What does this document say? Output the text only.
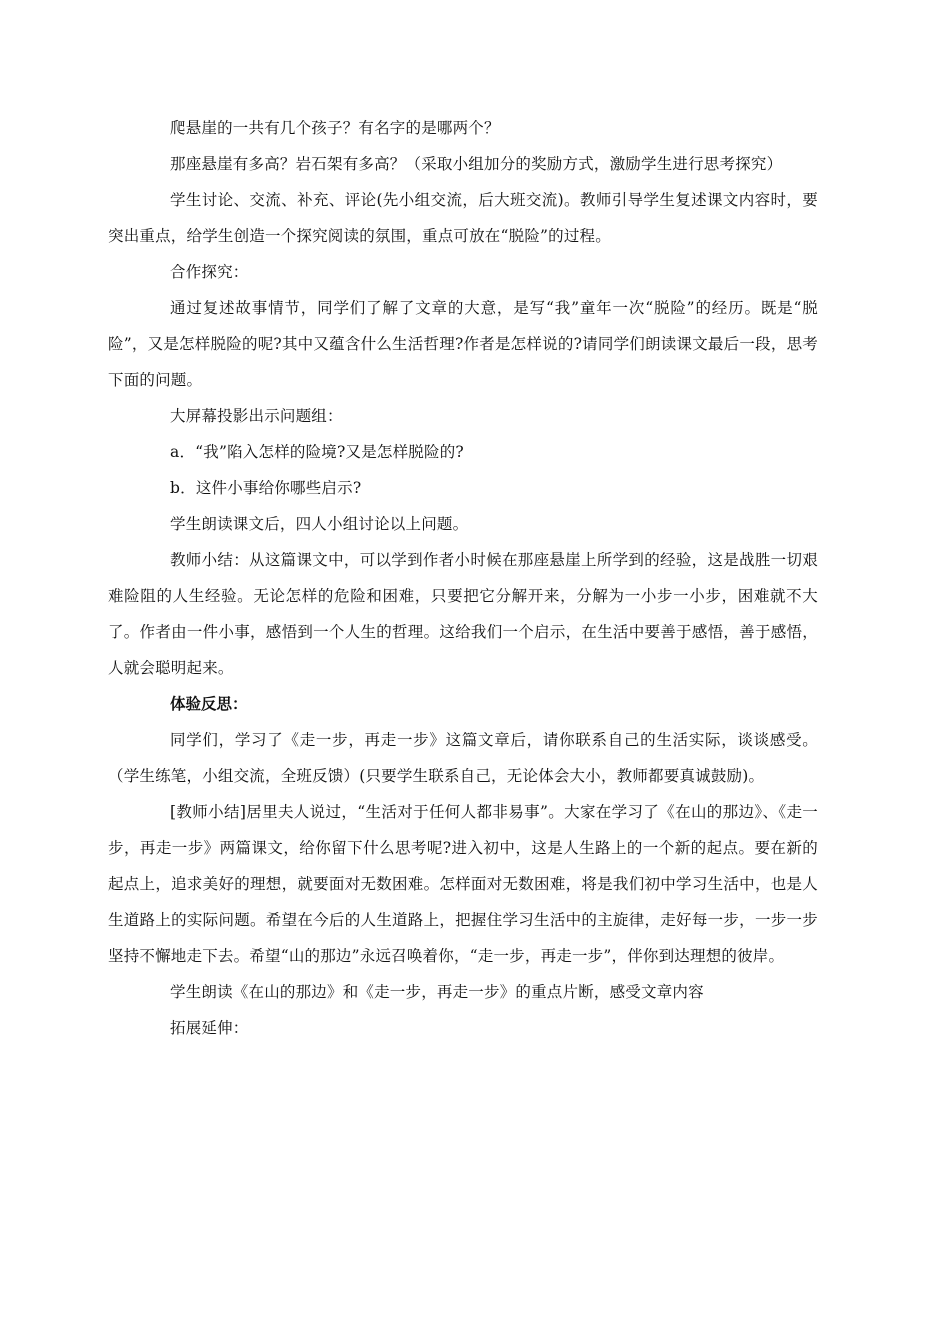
爬悬崖的一共有几个孩子？有名字的是哪两个？

那座悬崖有多高？岩石架有多高？（采取小组加分的奖励方式，激励学生进行思考探究）

学生讨论、交流、补充、评论(先小组交流，后大班交流)。教师引导学生复述课文内容时，要突出重点，给学生创造一个探究阅读的氛围，重点可放在“脱险”的过程。

合作探究：

通过复述故事情节，同学们了解了文章的大意，是写“我”童年一次“脱险”的经历。既是“脱险”，又是怎样脱险的呢?其中又蕴含什么生活哲理?作者是怎样说的?请同学们朗读课文最后一段，思考下面的问题。

大屏幕投影出示问题组：

a．“我”陷入怎样的险境?又是怎样脱险的?

b．这件小事给你哪些启示?

学生朗读课文后，四人小组讨论以上问题。

教师小结：从这篇课文中，可以学到作者小时候在那座悬崖上所学到的经验，这是战胜一切艰难险阻的人生经验。无论怎样的危险和困难，只要把它分解开来，分解为一小步一小步，困难就不大了。作者由一件小事，感悟到一个人生的哲理。这给我们一个启示，在生活中要善于感悟，善于感悟，人就会聪明起来。

体验反思：

同学们，学习了《走一步，再走一步》这篇文章后，请你联系自己的生活实际，谈谈感受。（学生练笔，小组交流，全班反馈）(只要学生联系自己，无论体会大小，教师都要真诚鼓励)。

[教师小结]居里夫人说过，“生活对于任何人都非易事”。大家在学习了《在山的那边》、《走一步，再走一步》两篇课文，给你留下什么思考呢?进入初中，这是人生路上的一个新的起点。要在新的起点上，追求美好的理想，就要面对无数困难。怎样面对无数困难，将是我们初中学习生活中，也是人生道路上的实际问题。希望在今后的人生道路上，把握住学习生活中的主旋律，走好每一步，一步一步坚持不懈地走下去。希望“山的那边”永远召唤着你，“走一步，再走一步”，伴你到达理想的彼岸。

学生朗读《在山的那边》和《走一步，再走一步》的重点片断，感受文章内容

拓展延伸：
